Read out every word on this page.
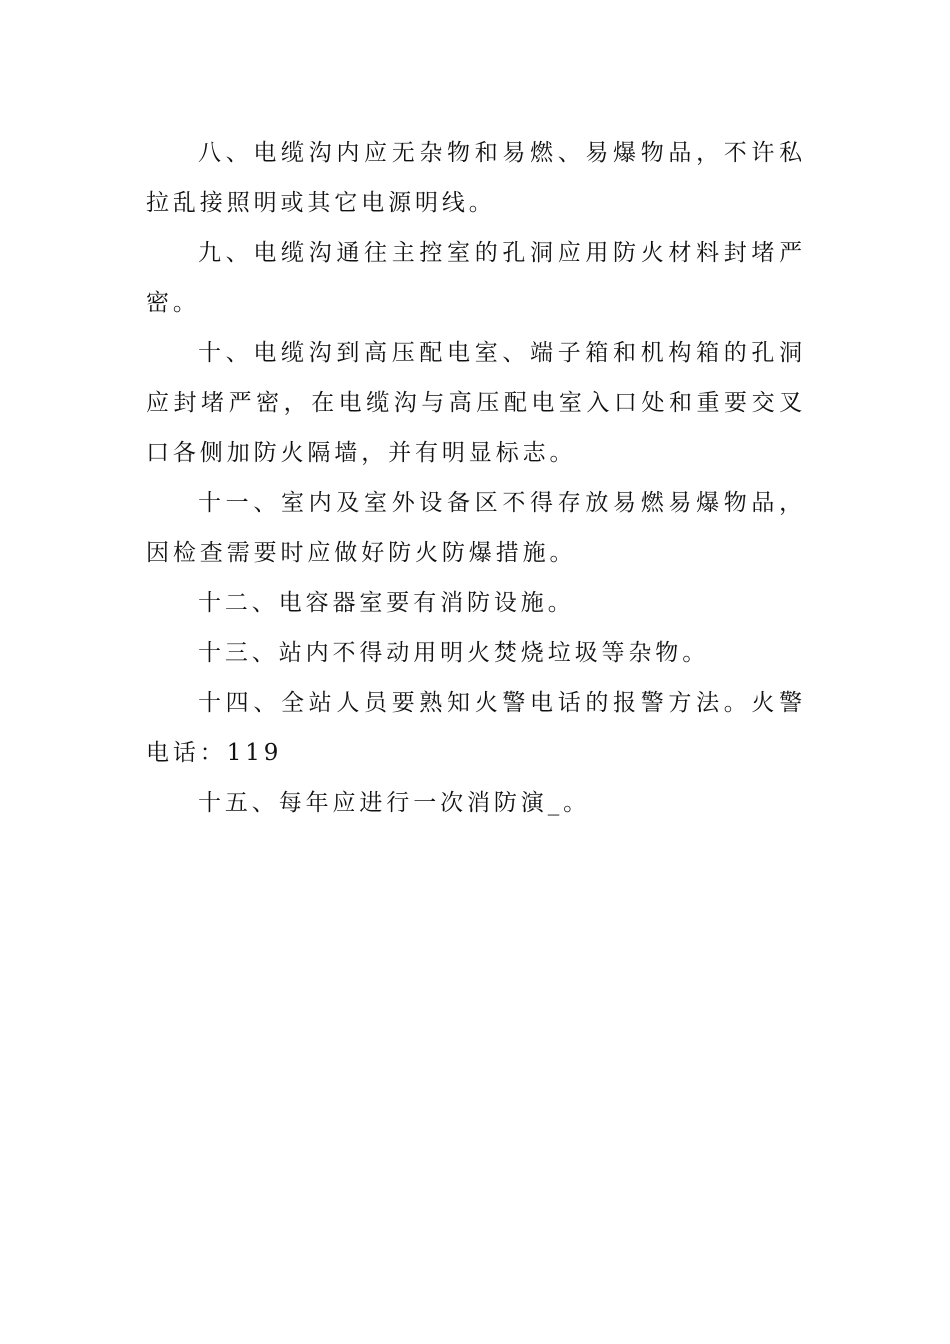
八、电缆沟内应无杂物和易燃、易爆物品，不许私拉乱接照明或其它电源明线。

九、电缆沟通往主控室的孔洞应用防火材料封堵严密。

十、电缆沟到高压配电室、端子箱和机构箱的孔洞应封堵严密，在电缆沟与高压配电室入口处和重要交叉口各侧加防火隔墙，并有明显标志。

十一、室内及室外设备区不得存放易燃易爆物品，因检查需要时应做好防火防爆措施。

十二、电容器室要有消防设施。

十三、站内不得动用明火焚烧垃圾等杂物。

十四、全站人员要熟知火警电话的报警方法。火警电话：119

十五、每年应进行一次消防演_。
